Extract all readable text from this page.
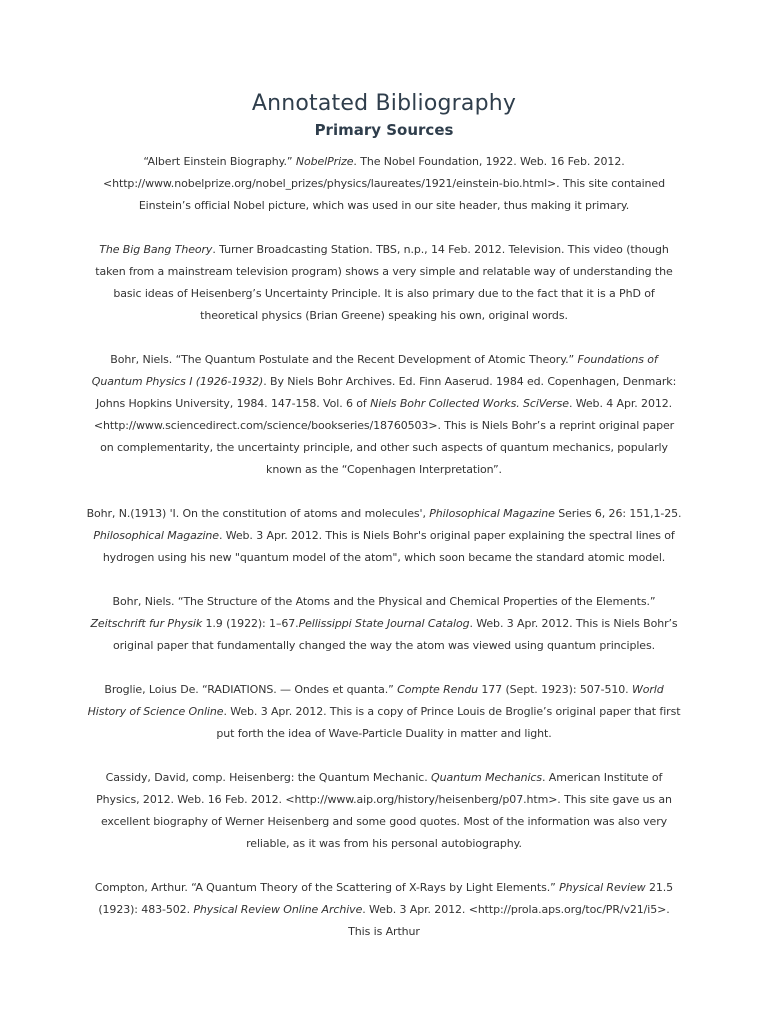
Annotated Bibliography
Primary Sources

“Albert Einstein Biography.” NobelPrize. The Nobel Foundation, 1922. Web. 16 Feb. 2012. <http://www.nobelprize.org/nobel_prizes/physics/laureates/1921/einstein-bio.html>. This site contained Einstein’s official Nobel picture, which was used in our site header, thus making it primary.

The Big Bang Theory. Turner Broadcasting Station. TBS, n.p., 14 Feb. 2012. Television. This video (though taken from a mainstream television program) shows a very simple and relatable way of understanding the basic ideas of Heisenberg’s Uncertainty Principle. It is also primary due to the fact that it is a PhD of theoretical physics (Brian Greene) speaking his own, original words.

Bohr, Niels. “The Quantum Postulate and the Recent Development of Atomic Theory.” Foundations of Quantum Physics I (1926-1932). By Niels Bohr Archives. Ed. Finn Aaserud. 1984 ed. Copenhagen, Denmark: Johns Hopkins University, 1984. 147-158. Vol. 6 of Niels Bohr Collected Works. SciVerse. Web. 4 Apr. 2012. <http://www.sciencedirect.com/science/bookseries/18760503>. This is Niels Bohr’s a reprint original paper on complementarity, the uncertainty principle, and other such aspects of quantum mechanics, popularly known as the “Copenhagen Interpretation”.

Bohr, N.(1913) 'I. On the constitution of atoms and molecules', Philosophical Magazine Series 6, 26: 151,1-25. Philosophical Magazine. Web. 3 Apr. 2012. This is Niels Bohr's original paper explaining the spectral lines of hydrogen using his new "quantum model of the atom", which soon became the standard atomic model.

Bohr, Niels. “The Structure of the Atoms and the Physical and Chemical Properties of the Elements.” Zeitschrift fur Physik 1.9 (1922): 1–67.Pellissippi State Journal Catalog. Web. 3 Apr. 2012. This is Niels Bohr’s original paper that fundamentally changed the way the atom was viewed using quantum principles.

Broglie, Loius De. “RADIATIONS. — Ondes et quanta.” Compte Rendu 177 (Sept. 1923): 507-510. World History of Science Online. Web. 3 Apr. 2012. This is a copy of Prince Louis de Broglie’s original paper that first put forth the idea of Wave-Particle Duality in matter and light.

Cassidy, David, comp. Heisenberg: the Quantum Mechanic. Quantum Mechanics. American Institute of Physics, 2012. Web. 16 Feb. 2012. <http://www.aip.org/history/heisenberg/p07.htm>. This site gave us an excellent biography of Werner Heisenberg and some good quotes. Most of the information was also very reliable, as it was from his personal autobiography.

Compton, Arthur. “A Quantum Theory of the Scattering of X-Rays by Light Elements.” Physical Review 21.5 (1923): 483-502. Physical Review Online Archive. Web. 3 Apr. 2012. <http://prola.aps.org/toc/PR/v21/i5>. This is Arthur
